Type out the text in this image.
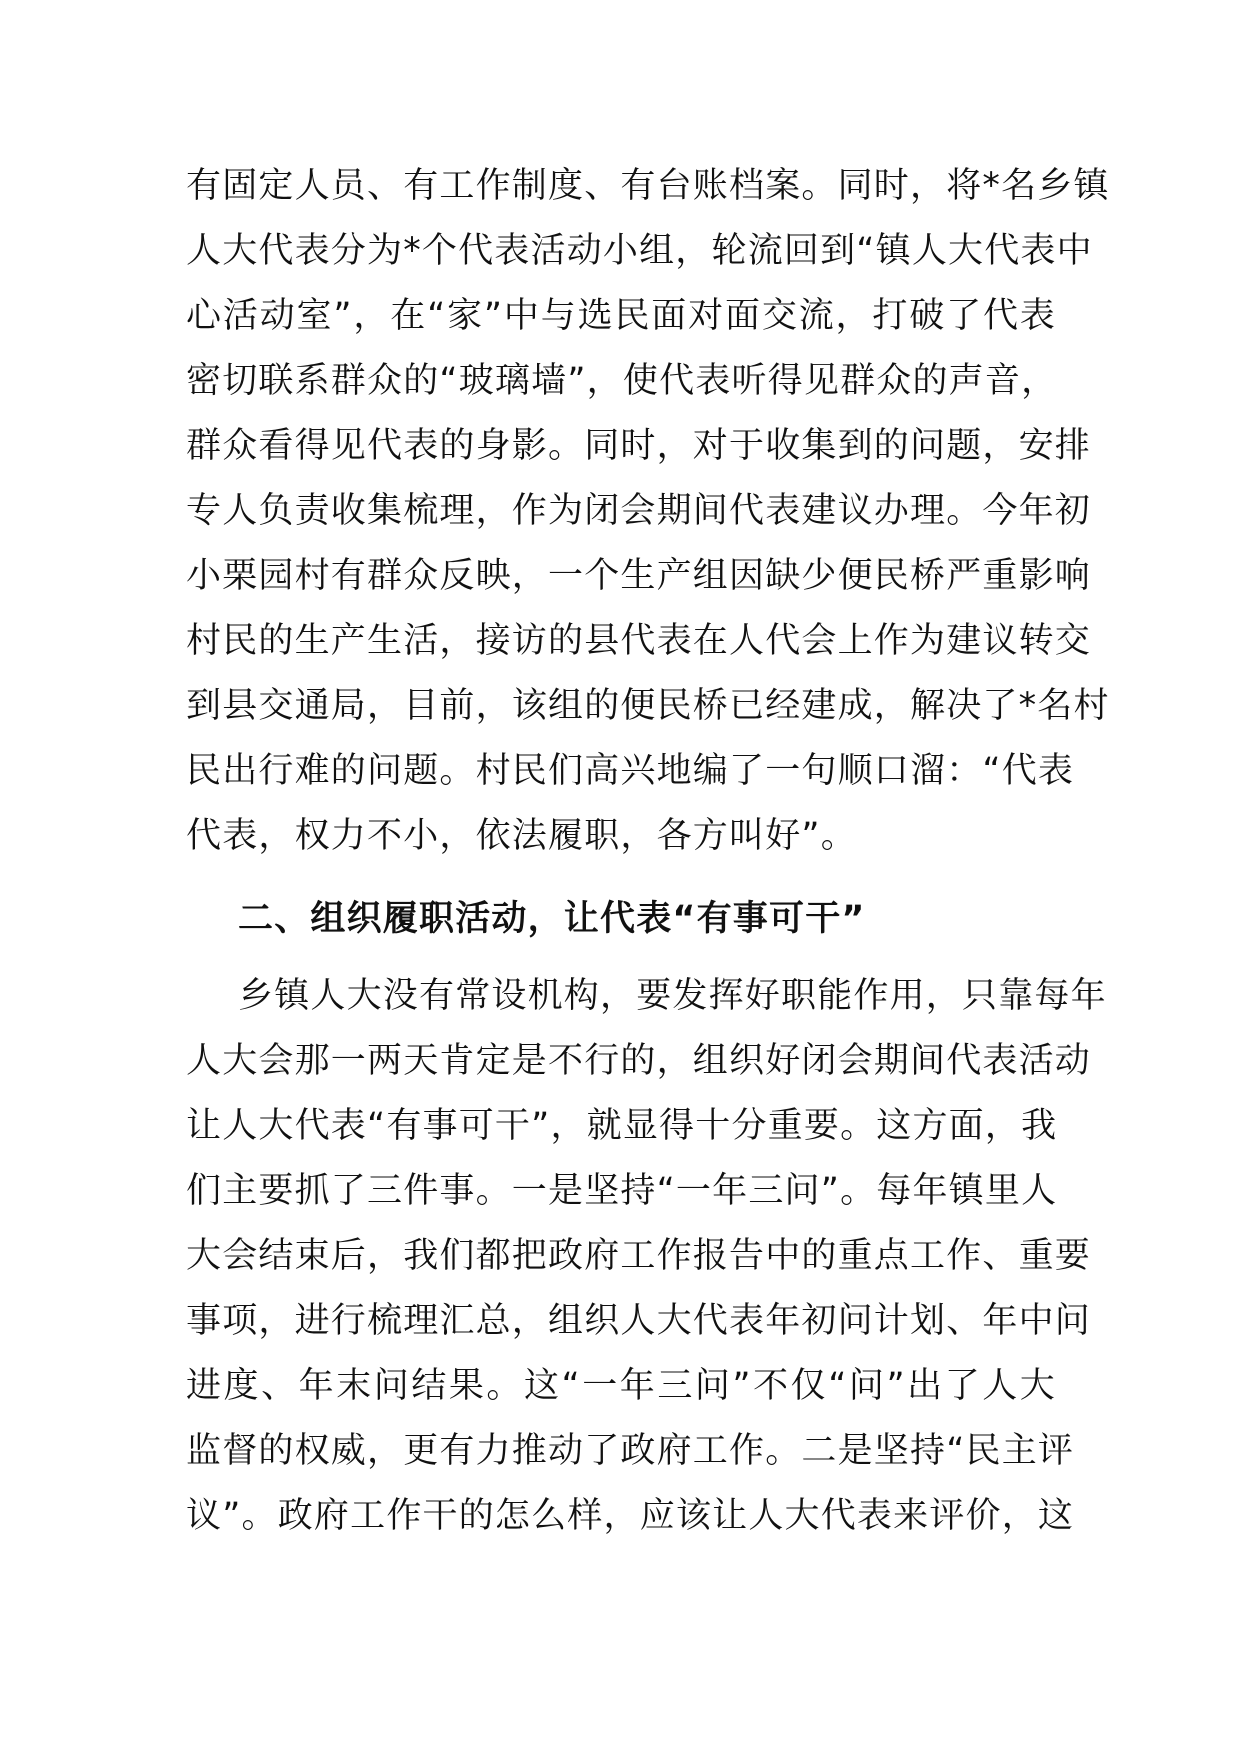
有固定人员、有工作制度、有台账档案。同时，将*名乡镇
人大代表分为*个代表活动小组，轮流回到“镇人大代表中
心活动室”，在“家”中与选民面对面交流，打破了代表
密切联系群众的“玻璃墙”，使代表听得见群众的声音，
群众看得见代表的身影。同时，对于收集到的问题，安排
专人负责收集梳理，作为闭会期间代表建议办理。今年初
小栗园村有群众反映，一个生产组因缺少便民桥严重影响
村民的生产生活，接访的县代表在人代会上作为建议转交
到县交通局，目前，该组的便民桥已经建成，解决了*名村
民出行难的问题。村民们高兴地编了一句顺口溜：“代表
代表，权力不小，依法履职，各方叫好”。
二、组织履职活动，让代表“有事可干”
乡镇人大没有常设机构，要发挥好职能作用，只靠每年
人大会那一两天肯定是不行的，组织好闭会期间代表活动
让人大代表“有事可干”，就显得十分重要。这方面，我
们主要抓了三件事。一是坚持“一年三问”。每年镇里人
大会结束后，我们都把政府工作报告中的重点工作、重要
事项，进行梳理汇总，组织人大代表年初问计划、年中问
进度、年末问结果。这“一年三问”不仅“问”出了人大
监督的权威，更有力推动了政府工作。二是坚持“民主评
议”。政府工作干的怎么样，应该让人大代表来评价，这
